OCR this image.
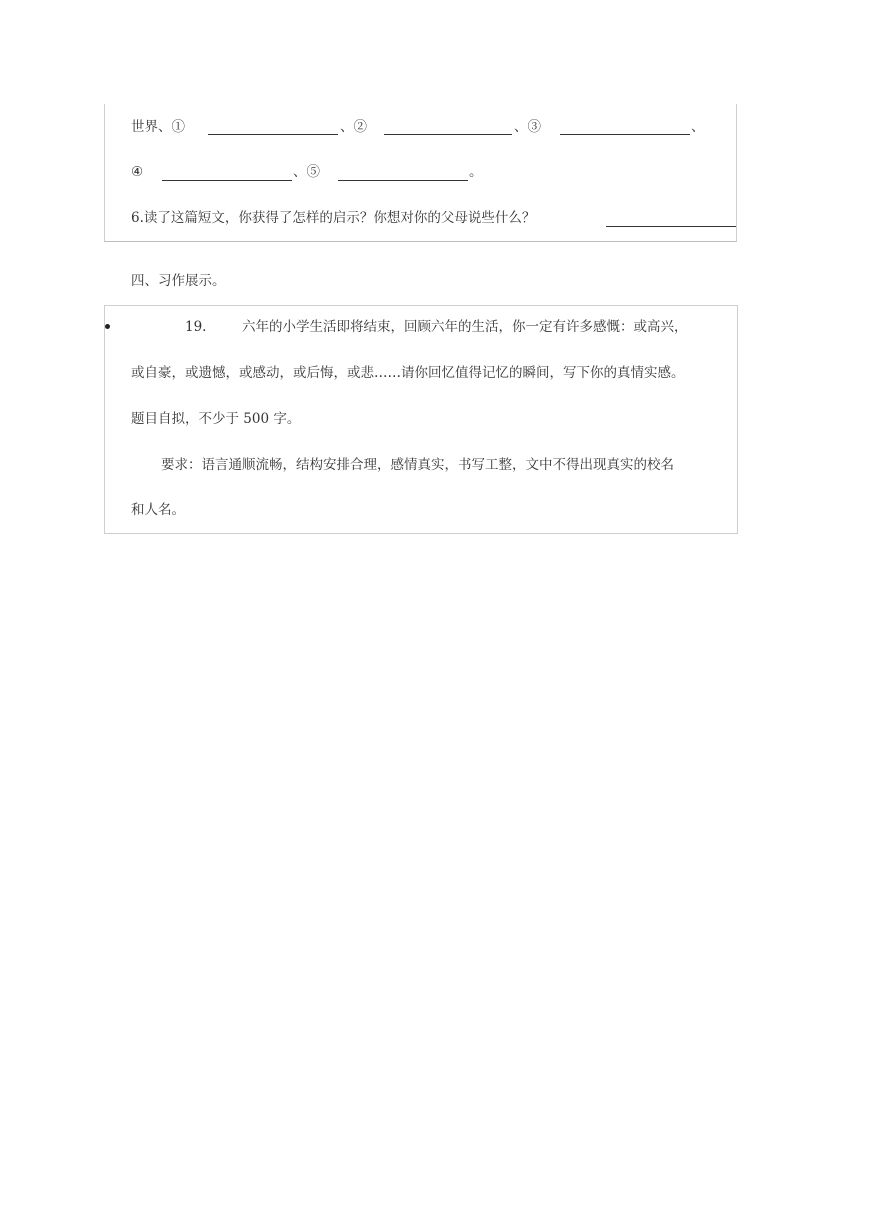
世界、①	、②	、③	、
④	、⑤	。
6.读了这篇短文，你获得了怎样的启示？你想对你的父母说些什么？
四、习作展示。
19.	六年的小学生活即将结束，回顾六年的生活，你一定有许多感慨：或高兴，
或自豪，或遗憾，或感动，或后悔，或悲……请你回忆值得记忆的瞬间，写下你的真情实感。
题目自拟，不少于 500 字。
要求：语言通顺流畅，结构安排合理，感情真实，书写工整，文中不得出现真实的校名
和人名。
